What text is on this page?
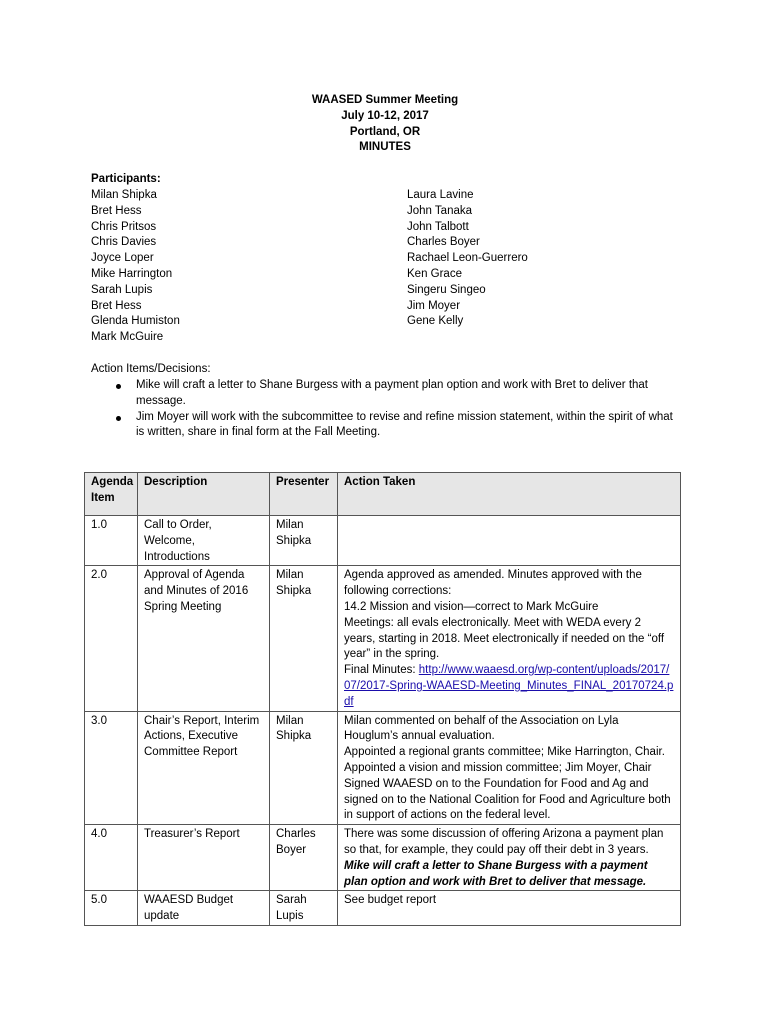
WAASED Summer Meeting
July 10-12, 2017
Portland, OR
MINUTES
Participants:
Milan Shipka
Bret Hess
Chris Pritsos
Chris Davies
Joyce Loper
Mike Harrington
Sarah Lupis
Bret Hess
Glenda Humiston
Mark McGuire
Laura Lavine
John Tanaka
John Talbott
Charles Boyer
Rachael Leon-Guerrero
Ken Grace
Singeru Singeo
Jim Moyer
Gene Kelly
Action Items/Decisions:
Mike will craft a letter to Shane Burgess with a payment plan option and work with Bret to deliver that message.
Jim Moyer will work with the subcommittee to revise and refine mission statement, within the spirit of what is written, share in final form at the Fall Meeting.
Agenda Item	Description	Presenter	Action Taken
1.0	Call to Order, Welcome, Introductions	Milan Shipka	
2.0	Approval of Agenda and Minutes of 2016 Spring Meeting	Milan Shipka	Agenda approved as amended. Minutes approved with the following corrections:
14.2 Mission and vision—correct to Mark McGuire
Meetings: all evals electronically. Meet with WEDA every 2 years, starting in 2018. Meet electronically if needed on the “off year” in the spring.
Final Minutes: http://www.waaesd.org/wp-content/uploads/2017/07/2017-Spring-WAAESD-Meeting_Minutes_FINAL_20170724.pdf

3.0	Chair’s Report, Interim Actions, Executive Committee Report	Milan Shipka	Milan commented on behalf of the Association on Lyla Houglum’s annual evaluation.
Appointed a regional grants committee; Mike Harrington, Chair.
Appointed a vision and mission committee; Jim Moyer, Chair
Signed WAAESD on to the Foundation for Food and Ag and signed on to the National Coalition for Food and Agriculture both in support of actions on the federal level.

4.0	Treasurer’s Report	Charles Boyer	There was some discussion of offering Arizona a payment plan so that, for example, they could pay off their debt in 3 years.
Mike will craft a letter to Shane Burgess with a payment plan option and work with Bret to deliver that message.

5.0	WAAESD Budget update	Sarah Lupis	See budget report
